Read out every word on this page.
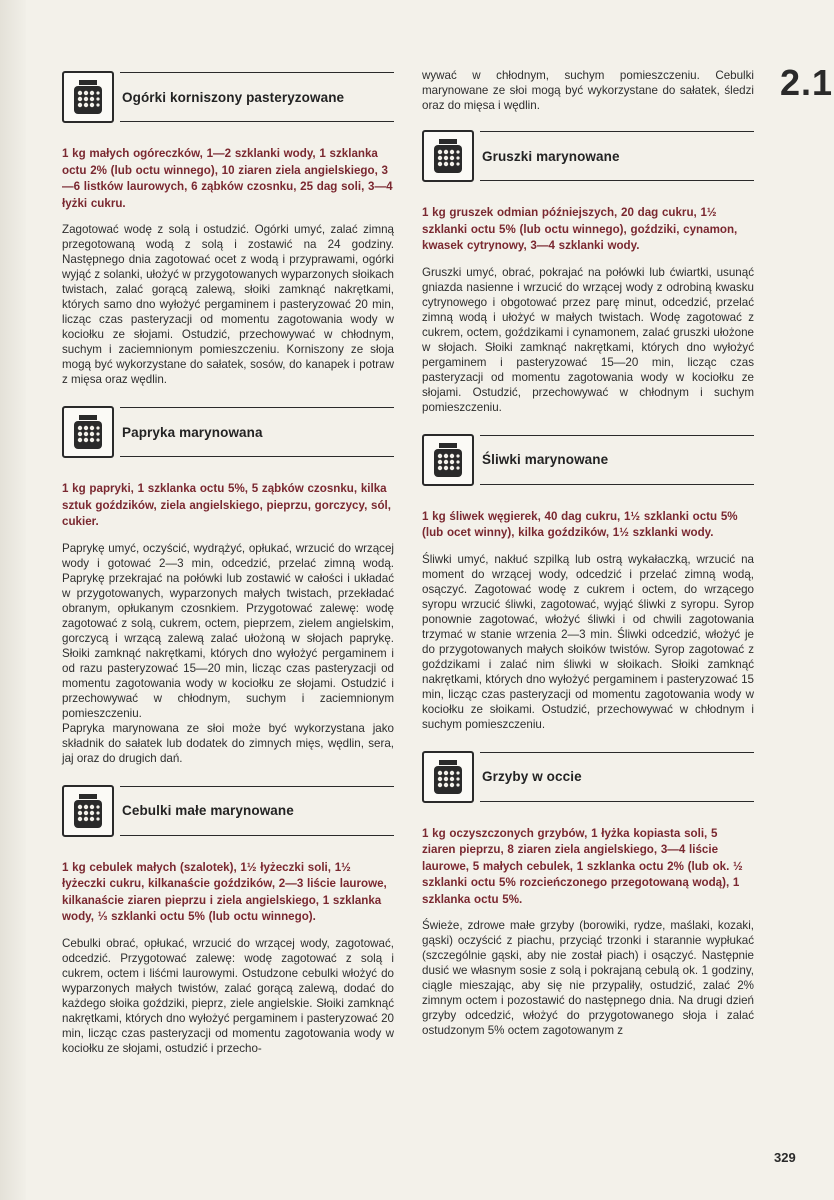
2.1
Ogórki korniszony pasteryzowane
1 kg małych ogóreczków, 1—2 szklanki wody, 1 szklanka octu 2% (lub octu winnego), 10 ziaren ziela angielskiego, 3—6 listków laurowych, 6 ząbków czosnku, 25 dag soli, 3—4 łyżki cukru.
Zagotować wodę z solą i ostudzić. Ogórki umyć, zalać zimną przegotowaną wodą z solą i zostawić na 24 godziny. Następnego dnia zagotować ocet z wodą i przyprawami, ogórki wyjąć z solanki, ułożyć w przygotowanych wyparzonych słoikach twistach, zalać gorącą zalewą, słoiki zamknąć nakrętkami, których samo dno wyłożyć pergaminem i pasteryzować 20 min, licząc czas pasteryzacji od momentu zagotowania wody w kociołku ze słojami. Ostudzić, przechowywać w chłodnym, suchym i zaciemnionym pomieszczeniu. Korniszony ze słoja mogą być wykorzystane do sałatek, sosów, do kanapek i potraw z mięsa oraz wędlin.
Papryka marynowana
1 kg papryki, 1 szklanka octu 5%, 5 ząbków czosnku, kilka sztuk goździków, ziela angielskiego, pieprzu, gorczycy, sól, cukier.
Paprykę umyć, oczyścić, wydrążyć, opłukać, wrzucić do wrzącej wody i gotować 2—3 min, odcedzić, przelać zimną wodą. Paprykę przekrajać na połówki lub zostawić w całości i układać w przygotowanych, wyparzonych małych twistach, przekładać obranym, opłukanym czosnkiem. Przygotować zalewę: wodę zagotować z solą, cukrem, octem, pieprzem, zielem angielskim, gorczycą i wrzącą zalewą zalać ułożoną w słojach paprykę. Słoiki zamknąć nakrętkami, których dno wyłożyć pergaminem i od razu pasteryzować 15—20 min, licząc czas pasteryzacji od momentu zagotowania wody w kociołku ze słojami. Ostudzić i przechowywać w chłodnym, suchym i zaciemnionym pomieszczeniu.
Papryka marynowana ze słoi może być wykorzystana jako składnik do sałatek lub dodatek do zimnych mięs, wędlin, sera, jaj oraz do drugich dań.
Cebulki małe marynowane
1 kg cebulek małych (szalotek), 1½ łyżeczki soli, 1½ łyżeczki cukru, kilkanaście goździków, 2—3 liście laurowe, kilkanaście ziaren pieprzu i ziela angielskiego, 1 szklanka wody, ⅓ szklanki octu 5% (lub octu winnego).
Cebulki obrać, opłukać, wrzucić do wrzącej wody, zagotować, odcedzić. Przygotować zalewę: wodę zagotować z solą i cukrem, octem i liśćmi laurowymi. Ostudzone cebulki włożyć do wyparzonych małych twistów, zalać gorącą zalewą, dodać do każdego słoika goździki, pieprz, ziele angielskie. Słoiki zamknąć nakrętkami, których dno wyłożyć pergaminem i pasteryzować 20 min, licząc czas pasteryzacji od momentu zagotowania wody w kociołku ze słojami, ostudzić i przecho-
wywać w chłodnym, suchym pomieszczeniu. Cebulki marynowane ze słoi mogą być wykorzystane do sałatek, śledzi oraz do mięsa i wędlin.
Gruszki marynowane
1 kg gruszek odmian późniejszych, 20 dag cukru, 1½ szklanki octu 5% (lub octu winnego), goździki, cynamon, kwasek cytrynowy, 3—4 szklanki wody.
Gruszki umyć, obrać, pokrajać na połówki lub ćwiartki, usunąć gniazda nasienne i wrzucić do wrzącej wody z odrobiną kwasku cytrynowego i obgotować przez parę minut, odcedzić, przelać zimną wodą i ułożyć w małych twistach. Wodę zagotować z cukrem, octem, goździkami i cynamonem, zalać gruszki ułożone w słojach. Słoiki zamknąć nakrętkami, których dno wyłożyć pergaminem i pasteryzować 15—20 min, licząc czas pasteryzacji od momentu zagotowania wody w kociołku ze słojami. Ostudzić, przechowywać w chłodnym i suchym pomieszczeniu.
Śliwki marynowane
1 kg śliwek węgierek, 40 dag cukru, 1½ szklanki octu 5% (lub ocet winny), kilka goździków, 1½ szklanki wody.
Śliwki umyć, nakłuć szpilką lub ostrą wykałaczką, wrzucić na moment do wrzącej wody, odcedzić i przelać zimną wodą, osączyć. Zagotować wodę z cukrem i octem, do wrzącego syropu wrzucić śliwki, zagotować, wyjąć śliwki z syropu. Syrop ponownie zagotować, włożyć śliwki i od chwili zagotowania trzymać w stanie wrzenia 2—3 min. Śliwki odcedzić, włożyć je do przygotowanych małych słoików twistów. Syrop zagotować z goździkami i zalać nim śliwki w słoikach. Słoiki zamknąć nakrętkami, których dno wyłożyć pergaminem i pasteryzować 15 min, licząc czas pasteryzacji od momentu zagotowania wody w kociołku ze słoikami. Ostudzić, przechowywać w chłodnym i suchym pomieszczeniu.
Grzyby w occie
1 kg oczyszczonych grzybów, 1 łyżka kopiasta soli, 5 ziaren pieprzu, 8 ziaren ziela angielskiego, 3—4 liście laurowe, 5 małych cebulek, 1 szklanka octu 2% (lub ok. ½ szklanki octu 5% rozcieńczonego przegotowaną wodą), 1 szklanka octu 5%.
Świeże, zdrowe małe grzyby (borowiki, rydze, maślaki, kozaki, gąski) oczyścić z piachu, przyciąć trzonki i starannie wypłukać (szczególnie gąski, aby nie został piach) i osączyć. Następnie dusić we własnym sosie z solą i pokrajaną cebulą ok. 1 godziny, ciągle mieszając, aby się nie przypaliły, ostudzić, zalać 2% zimnym octem i pozostawić do następnego dnia. Na drugi dzień grzyby odcedzić, włożyć do przygotowanego słoja i zalać ostudzonym 5% octem zagotowanym z
329
